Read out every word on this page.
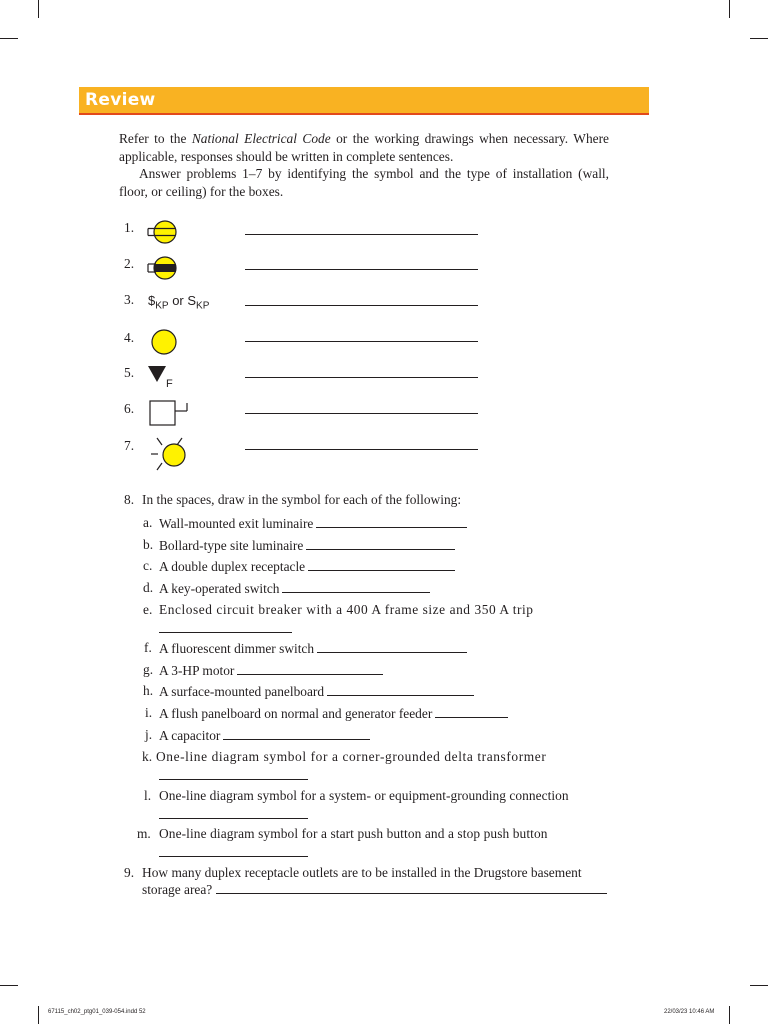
Review
Refer to the National Electrical Code or the working drawings when necessary. Where applicable, responses should be written in complete sentences.
Answer problems 1–7 by identifying the symbol and the type of installation (wall, floor, or ceiling) for the boxes.
1.
2.
3. $\$_{KP}$ or $S_{KP}$
4.
5.
F
6.
7.
8. In the spaces, draw in the symbol for each of the following:
a. Wall-mounted exit luminaire
b. Bollard-type site luminaire
c. A double duplex receptacle
d. A key-operated switch
e. Enclosed circuit breaker with a 400 A frame size and 350 A trip
f. A fluorescent dimmer switch
g. A 3-HP motor
h. A surface-mounted panelboard
i. A flush panelboard on normal and generator feeder
j. A capacitor
k. One-line diagram symbol for a corner-grounded delta transformer
l. One-line diagram symbol for a system- or equipment-grounding connection
m. One-line diagram symbol for a start push button and a stop push button
9. How many duplex receptacle outlets are to be installed in the Drugstore basement
storage area?
67115_ch02_ptg01_039-054.indd 52	22/03/23 10:46 AM
